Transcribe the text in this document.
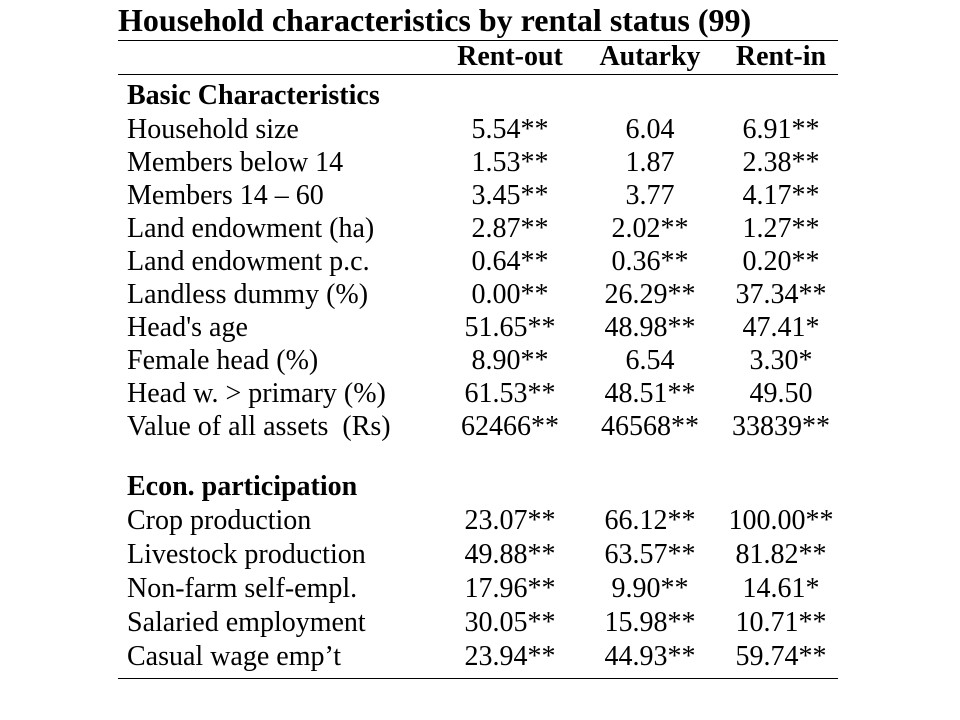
Household characteristics by rental status (99)
Rent-out	Autarky	Rent-in
Basic Characteristics
Household size	5.54**	6.04	6.91**
Members below 14	1.53**	1.87	2.38**
Members 14 – 60	3.45**	3.77	4.17**
Land endowment (ha)	2.87**	2.02**	1.27**
Land endowment p.c.	0.64**	0.36**	0.20**
Landless dummy (%)	0.00**	26.29**	37.34**
Head's age	51.65**	48.98**	47.41*
Female head (%)	8.90**	6.54	3.30*
Head w. > primary (%)	61.53**	48.51**	49.50
Value of all assets  (Rs)	62466**	46568**	33839**
Econ. participation
Crop production	23.07**	66.12**	100.00**
Livestock production	49.88**	63.57**	81.82**
Non-farm self-empl.	17.96**	9.90**	14.61*
Salaried employment	30.05**	15.98**	10.71**
Casual wage emp’t	23.94**	44.93**	59.74**
